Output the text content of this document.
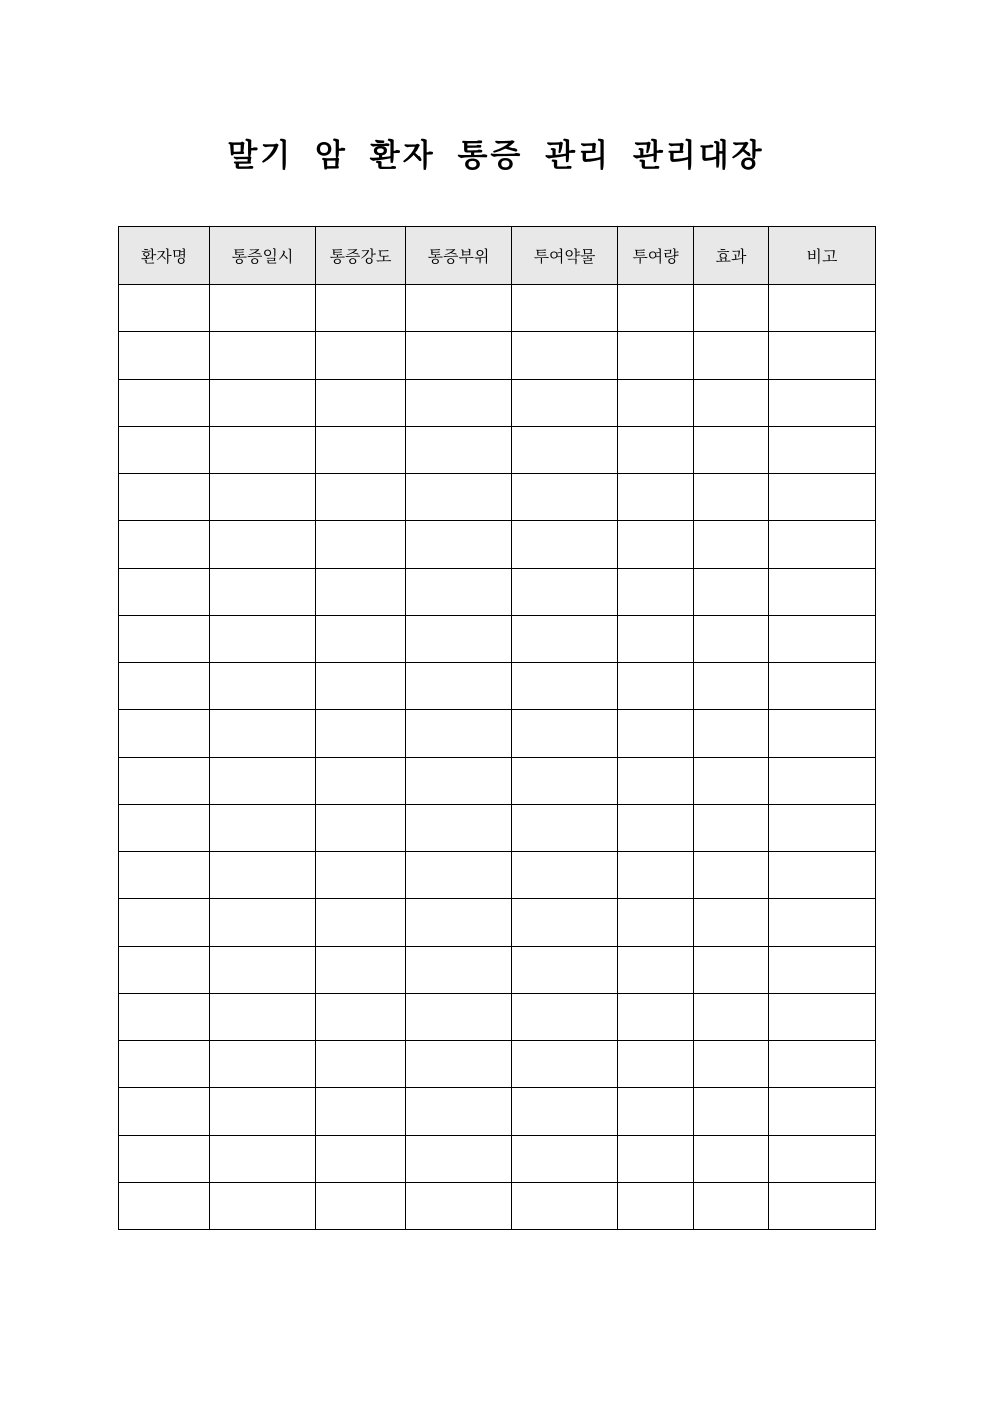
말기 암 환자 통증 관리 관리대장
환자명	통증일시	통증강도	통증부위	투여약물	투여량	효과	비고
